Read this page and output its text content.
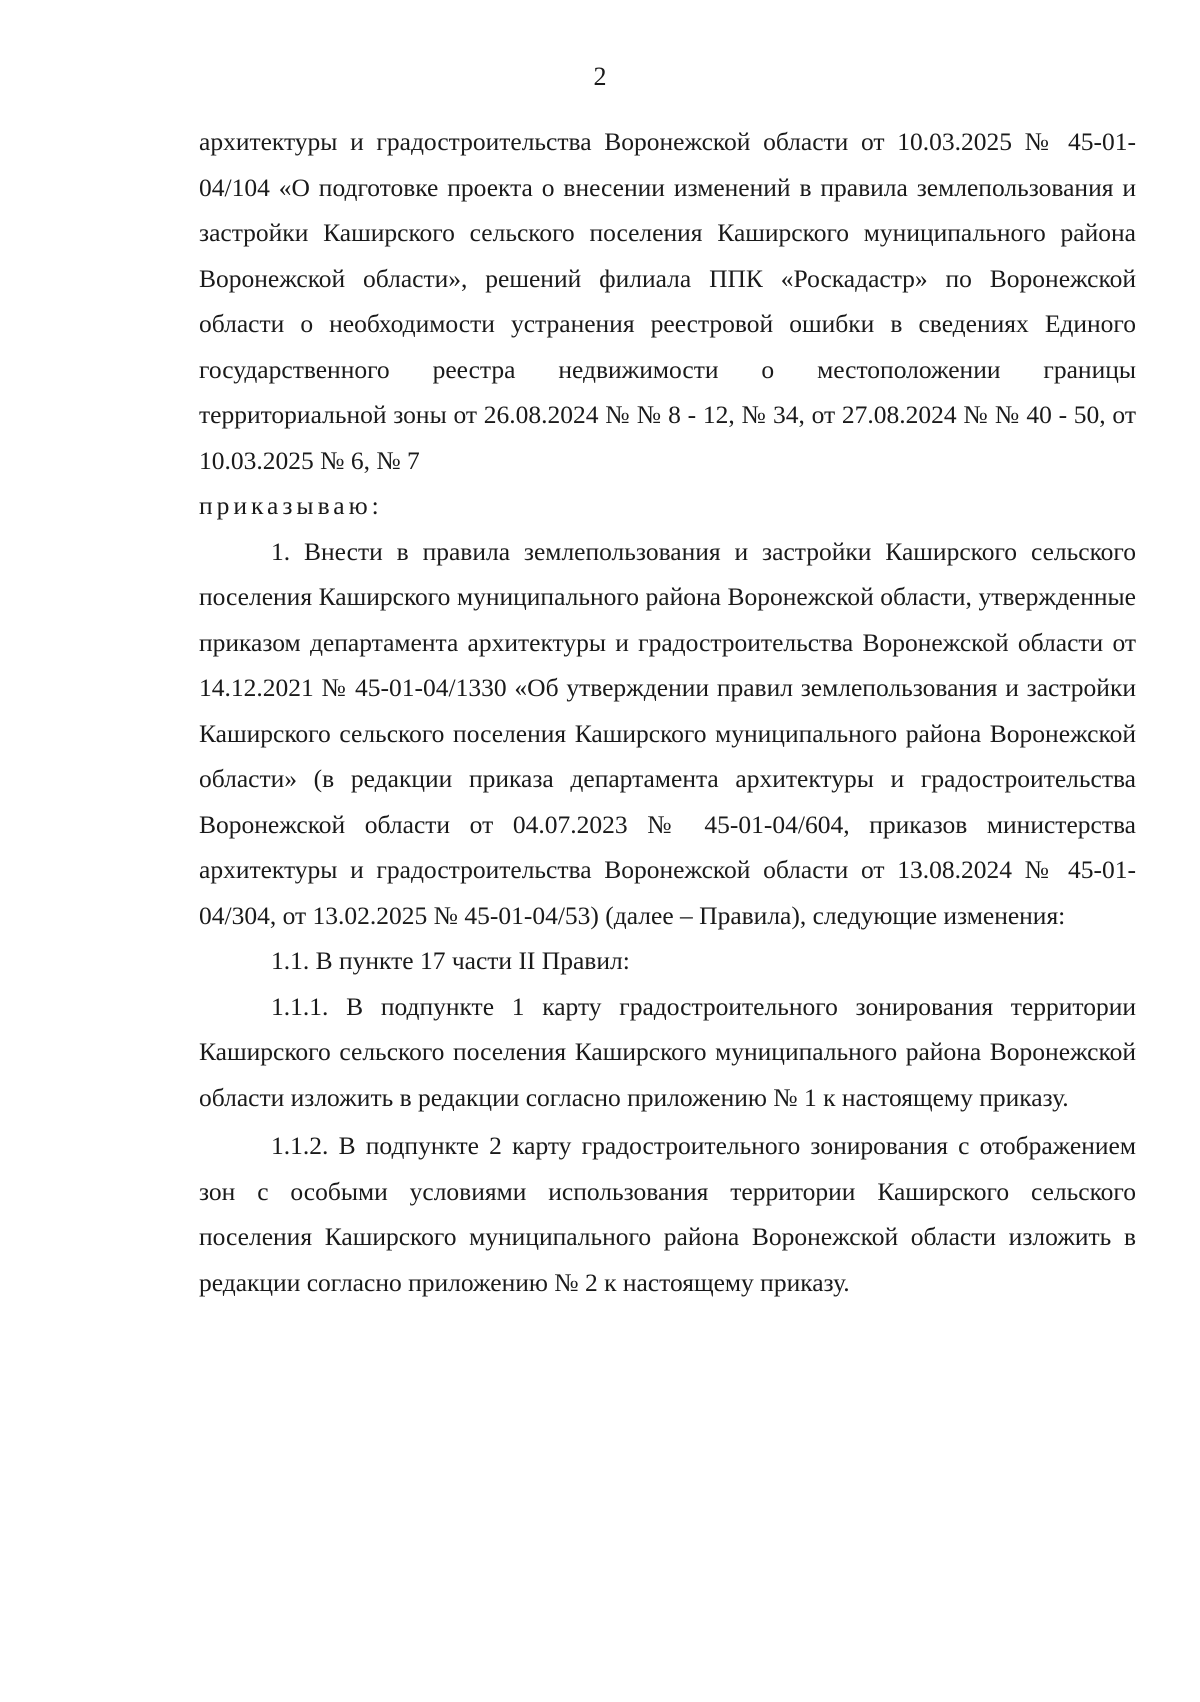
2

архитектуры и градостроительства Воронежской области от 10.03.2025 № 45-01-04/104 «О подготовке проекта о внесении изменений в правила землепользования и застройки Каширского сельского поселения Каширского муниципального района Воронежской области», решений филиала ППК «Роскадастр» по Воронежской области о необходимости устранения реестровой ошибки в сведениях Единого государственного реестра недвижимости о местоположении границы территориальной зоны от 26.08.2024 № № 8 - 12, № 34, от 27.08.2024 № № 40 - 50, от 10.03.2025 № 6, № 7

приказываю:

1. Внести в правила землепользования и застройки Каширского сельского поселения Каширского муниципального района Воронежской области, утвержденные приказом департамента архитектуры и градостроительства Воронежской области от 14.12.2021 № 45-01-04/1330 «Об утверждении правил землепользования и застройки Каширского сельского поселения Каширского муниципального района Воронежской области» (в редакции приказа департамента архитектуры и градостроительства Воронежской области от 04.07.2023 № 45-01-04/604, приказов министерства архитектуры и градостроительства Воронежской области от 13.08.2024 № 45-01-04/304, от 13.02.2025 № 45-01-04/53) (далее – Правила), следующие изменения:

1.1. В пункте 17 части II Правил:

1.1.1. В подпункте 1 карту градостроительного зонирования территории Каширского сельского поселения Каширского муниципального района Воронежской области изложить в редакции согласно приложению № 1 к настоящему приказу.

1.1.2. В подпункте 2 карту градостроительного зонирования с отображением зон с особыми условиями использования территории Каширского сельского поселения Каширского муниципального района Воронежской области изложить в редакции согласно приложению № 2 к настоящему приказу.
